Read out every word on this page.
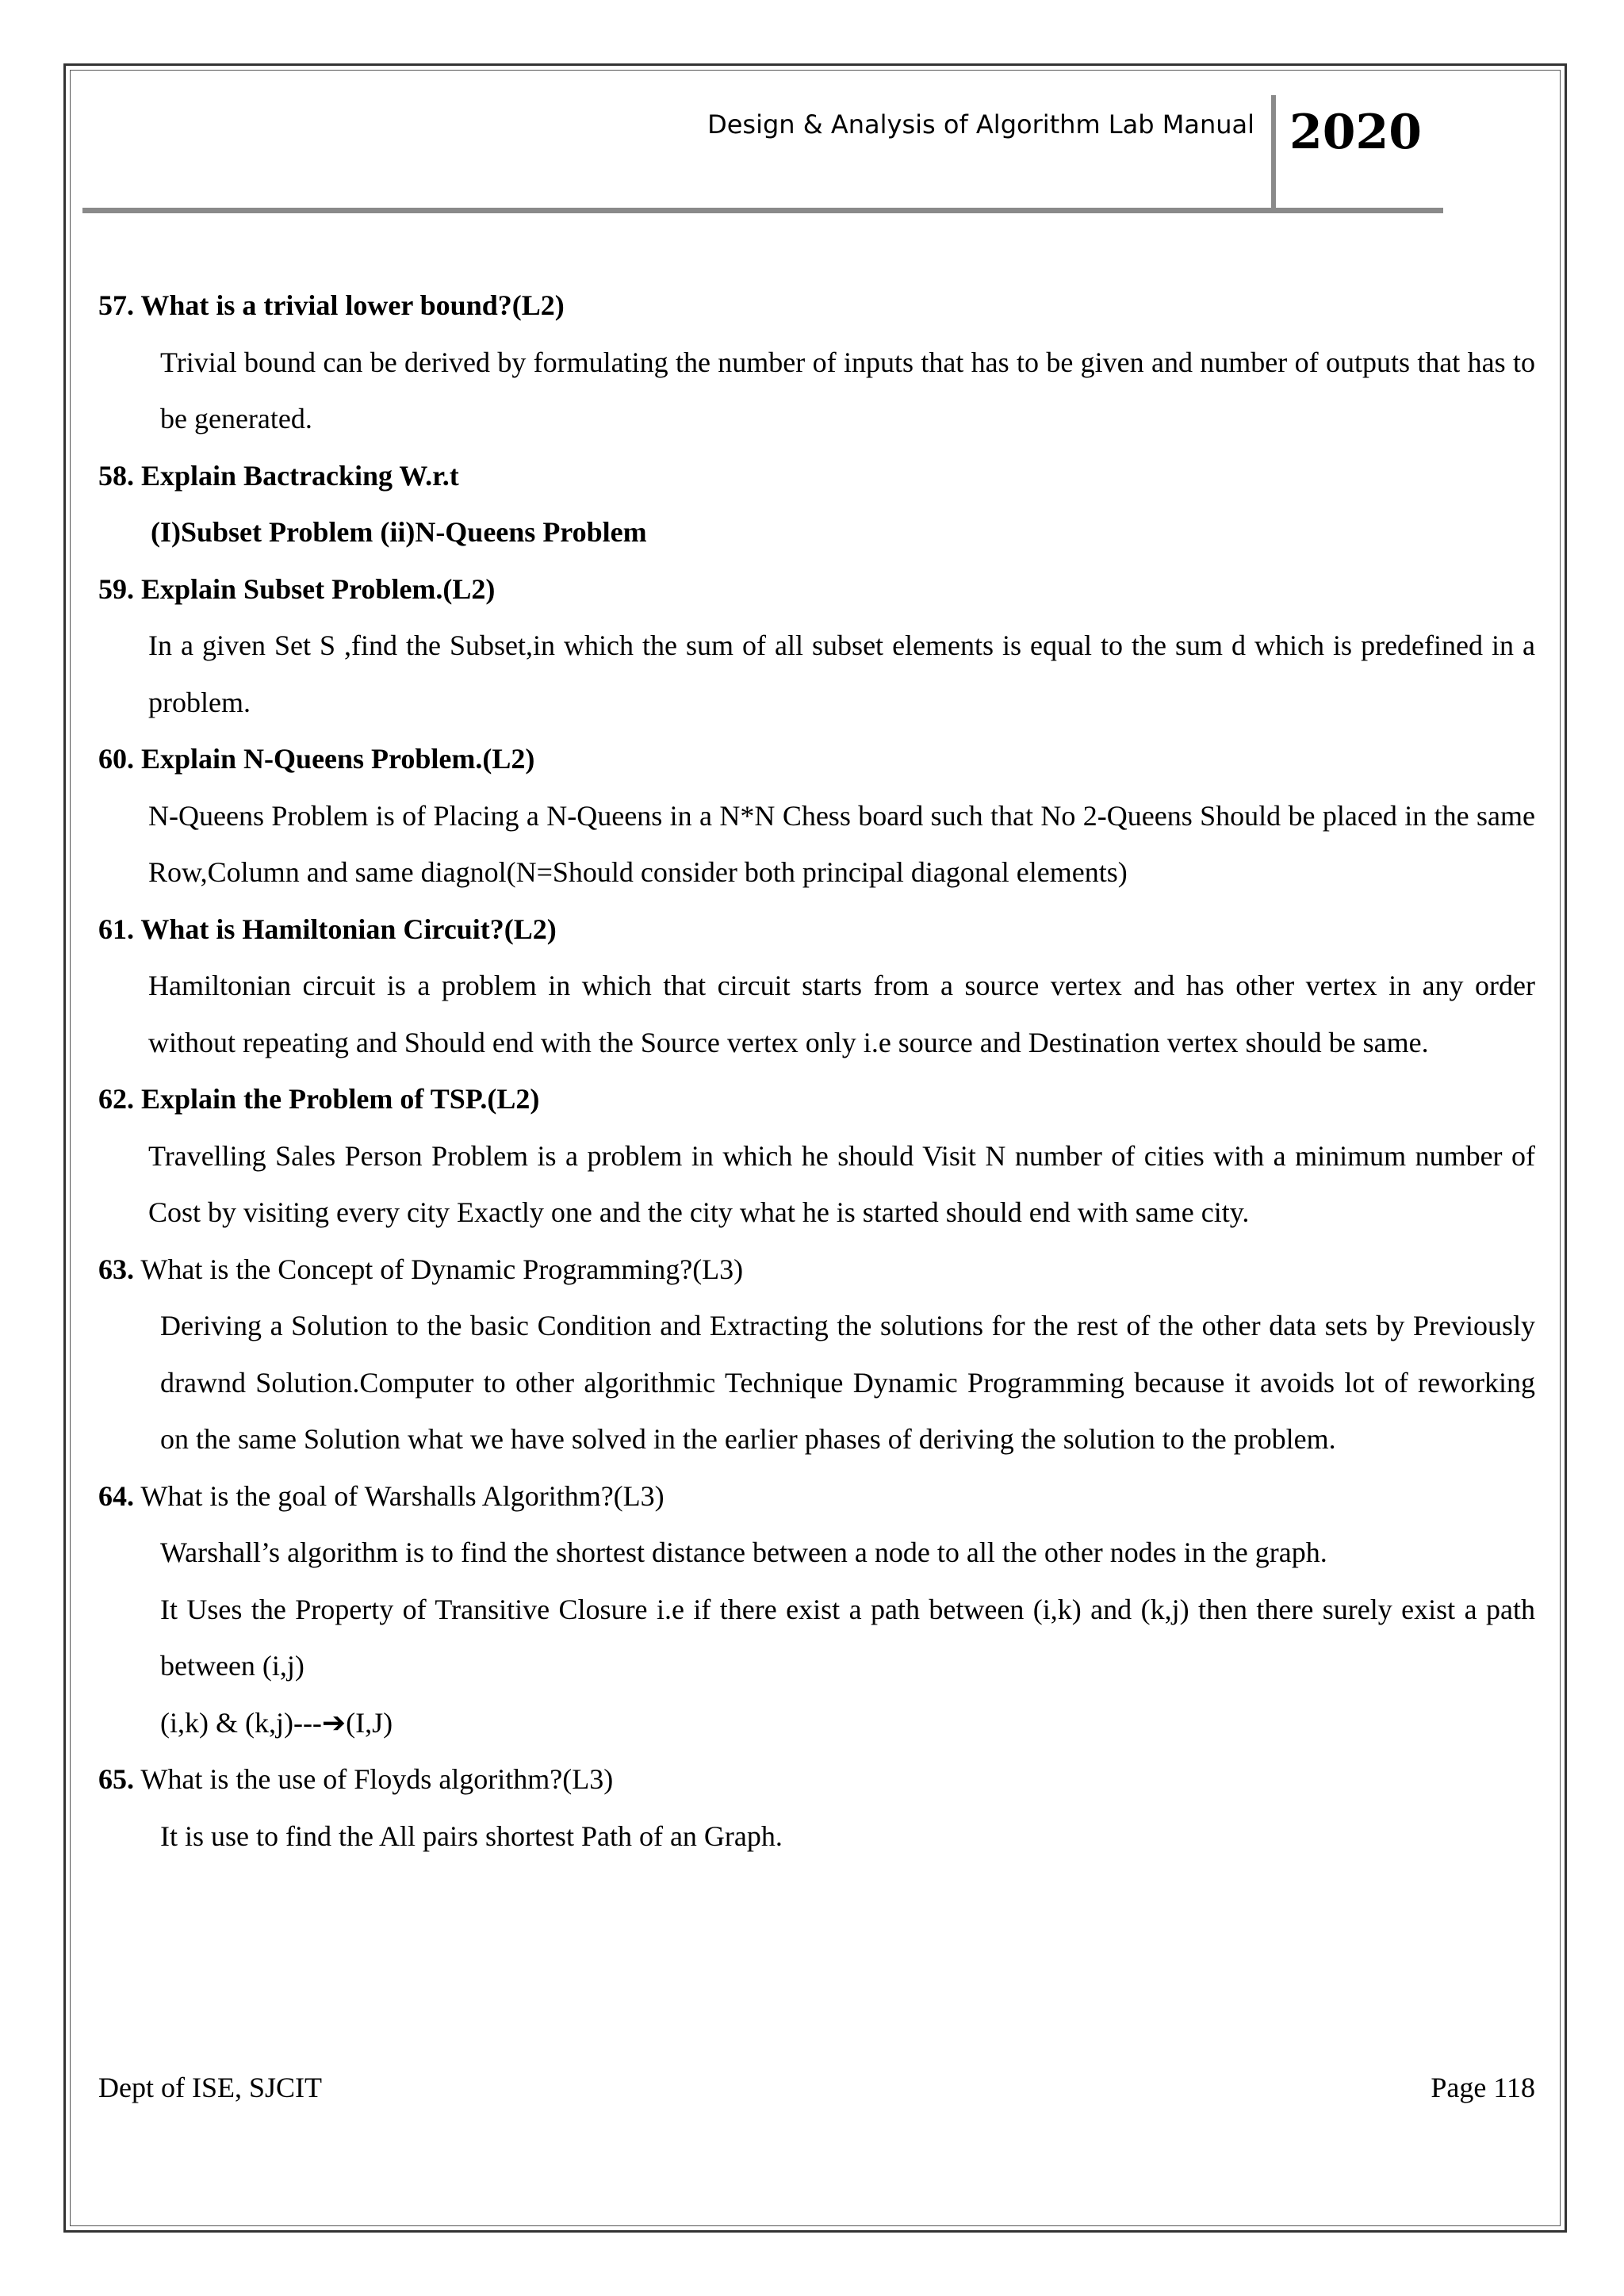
Design & Analysis of Algorithm Lab Manual 2020

57. What is a trivial lower bound?(L2)

Trivial bound can be derived by formulating the number of inputs that has to be given and number of outputs that has to be generated.

58. Explain Bactracking W.r.t

(I)Subset Problem (ii)N-Queens Problem

59. Explain Subset Problem.(L2)

In a given Set S ,find the Subset,in which the sum of all subset elements is equal to the sum d which is predefined in a problem.

60. Explain N-Queens Problem.(L2)

N-Queens Problem is of Placing a N-Queens in a N*N Chess board such that No 2-Queens Should be placed in the same Row,Column and same diagnol(N=Should consider both principal diagonal elements)

61. What is Hamiltonian Circuit?(L2)

Hamiltonian circuit is a problem in which that circuit starts from a source vertex and has other vertex in any order without repeating and Should end with the Source vertex only i.e source and Destination vertex should be same.

62. Explain the Problem of TSP.(L2)

Travelling Sales Person Problem is a problem in which he should Visit N number of cities with a minimum number of Cost by visiting every city Exactly one and the city what he is started should end with same city.

63. What is the Concept of Dynamic Programming?(L3)

Deriving a Solution to the basic Condition and Extracting the solutions for the rest of the other data sets by Previously drawnd Solution.Computer to other algorithmic Technique Dynamic Programming because it avoids lot of reworking on the same Solution what we have solved in the earlier phases of deriving the solution to the problem.

64. What is the goal of Warshalls Algorithm?(L3)

Warshall’s algorithm is to find the shortest distance between a node to all the other nodes in the graph.

It Uses the Property of Transitive Closure i.e if there exist a path between (i,k) and (k,j) then there surely exist a path between (i,j)

(i,k) & (k,j)---➔(I,J)

65. What is the use of Floyds algorithm?(L3)

It is use to find the All pairs shortest Path of an Graph.

Dept of ISE, SJCIT	Page 118
